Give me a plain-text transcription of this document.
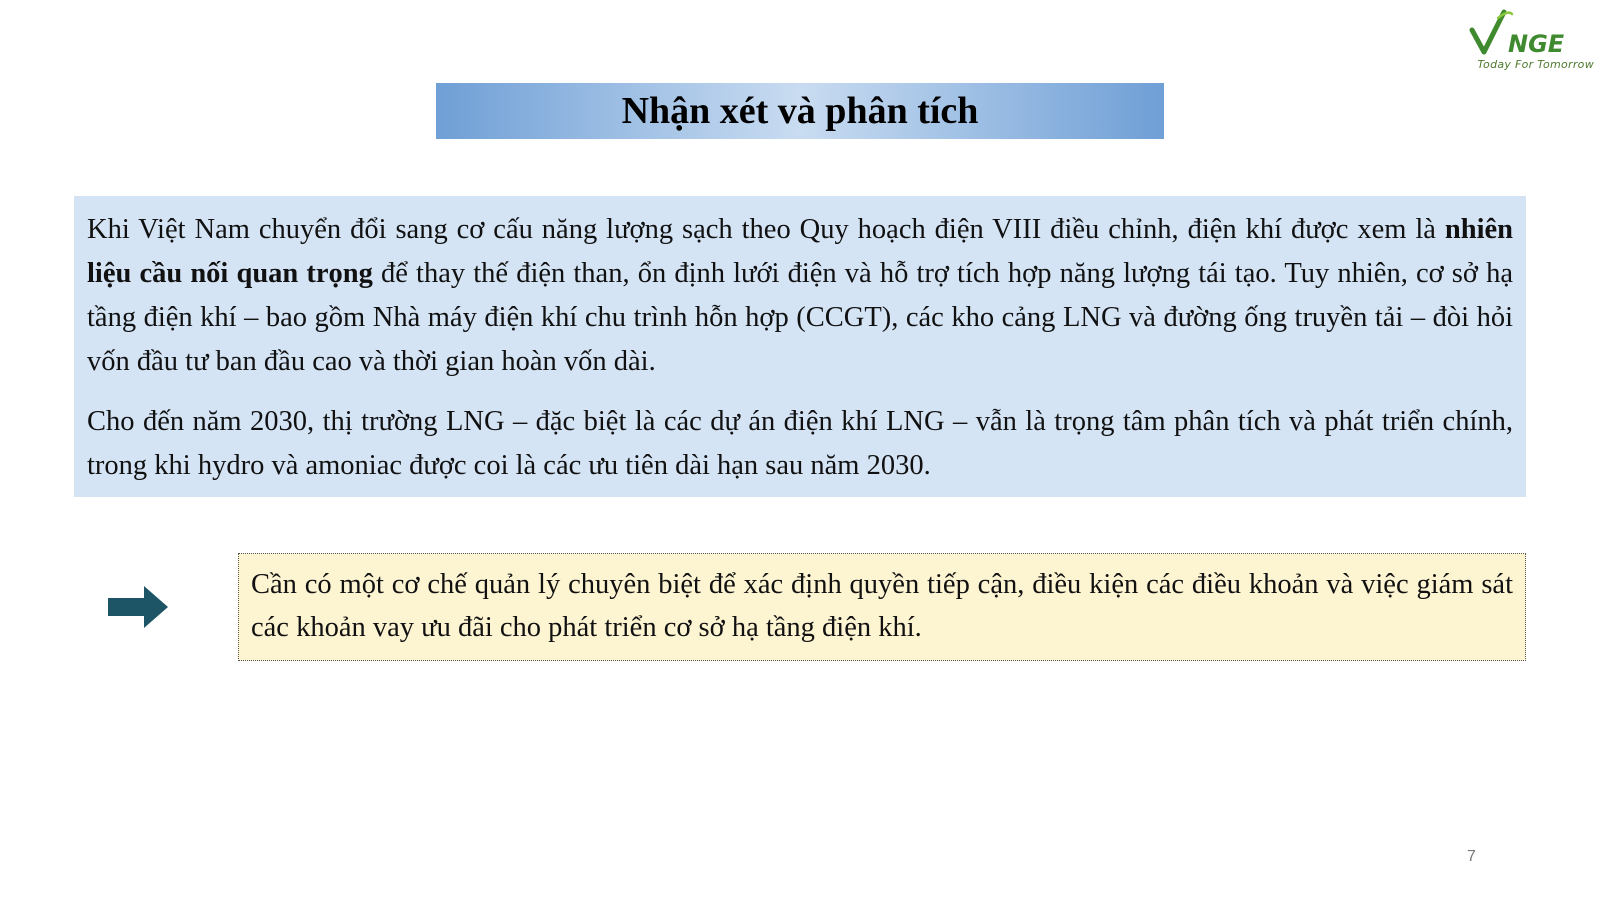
NGE
Today For Tomorrow
Nhận xét và phân tích

Khi Việt Nam chuyển đổi sang cơ cấu năng lượng sạch theo Quy hoạch điện VIII điều chỉnh, điện khí được xem là nhiên liệu cầu nối quan trọng để thay thế điện than, ổn định lưới điện và hỗ trợ tích hợp năng lượng tái tạo. Tuy nhiên, cơ sở hạ tầng điện khí – bao gồm Nhà máy điện khí chu trình hỗn hợp (CCGT), các kho cảng LNG và đường ống truyền tải – đòi hỏi vốn đầu tư ban đầu cao và thời gian hoàn vốn dài.

Cho đến năm 2030, thị trường LNG – đặc biệt là các dự án điện khí LNG – vẫn là trọng tâm phân tích và phát triển chính, trong khi hydro và amoniac được coi là các ưu tiên dài hạn sau năm 2030.

Cần có một cơ chế quản lý chuyên biệt để xác định quyền tiếp cận, điều kiện các điều khoản và việc giám sát các khoản vay ưu đãi cho phát triển cơ sở hạ tầng điện khí.

7
